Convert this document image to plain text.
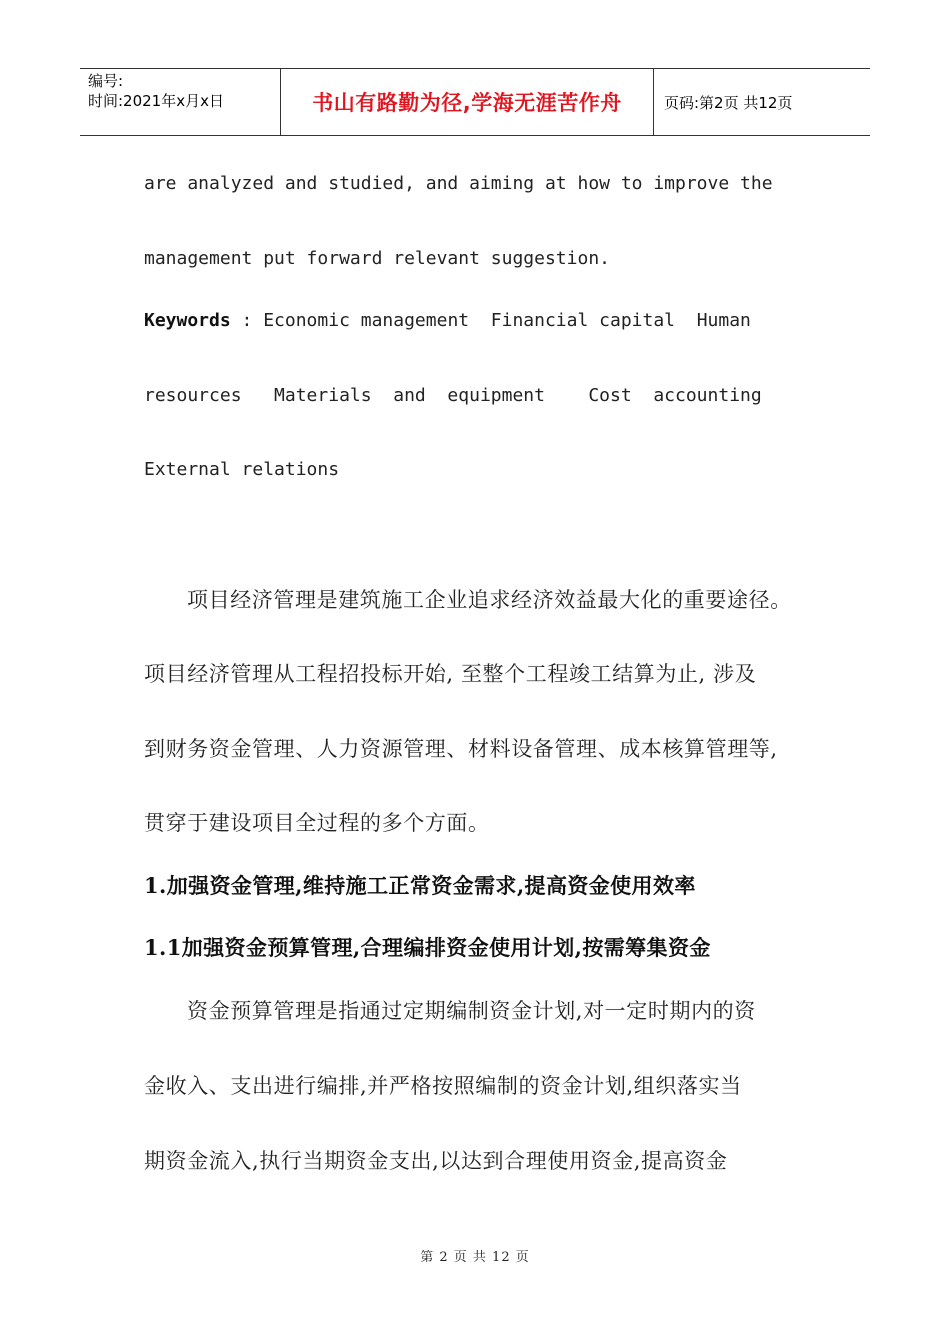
编号:
时间:2021年x月x日	书山有路勤为径,学海无涯苦作舟	页码:第2页 共12页
are analyzed and studied, and aiming at how to improve the
management put forward relevant suggestion.
Keywords : Economic management  Financial capital  Human
resources   Materials  and  equipment    Cost  accounting
External relations
项目经济管理是建筑施工企业追求经济效益最大化的重要途径。
项目经济管理从工程招投标开始, 至整个工程竣工结算为止, 涉及
到财务资金管理、人力资源管理、材料设备管理、成本核算管理等,
贯穿于建设项目全过程的多个方面。
1.加强资金管理,维持施工正常资金需求,提高资金使用效率
1.1加强资金预算管理,合理编排资金使用计划,按需筹集资金
资金预算管理是指通过定期编制资金计划,对一定时期内的资
金收入、支出进行编排,并严格按照编制的资金计划,组织落实当
期资金流入,执行当期资金支出,以达到合理使用资金,提高资金
第 2 页 共 12 页
